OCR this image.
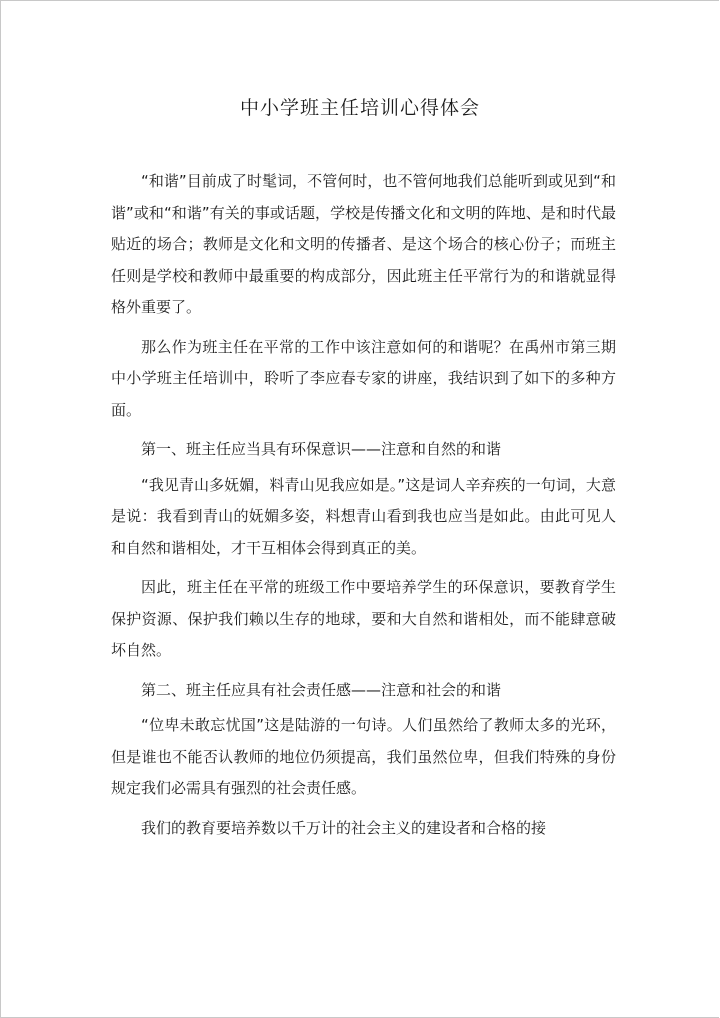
中小学班主任培训心得体会

“和谐”目前成了时髦词，不管何时，也不管何地我们总能听到或见到“和谐”或和“和谐”有关的事或话题，学校是传播文化和文明的阵地、是和时代最贴近的场合；教师是文化和文明的传播者、是这个场合的核心份子；而班主任则是学校和教师中最重要的构成部分，因此班主任平常行为的和谐就显得格外重要了。

那么作为班主任在平常的工作中该注意如何的和谐呢？在禹州市第三期中小学班主任培训中，聆听了李应春专家的讲座，我结识到了如下的多种方面。

第一、班主任应当具有环保意识——注意和自然的和谐

“我见青山多妩媚，料青山见我应如是。”这是词人辛弃疾的一句词，大意是说：我看到青山的妩媚多姿，料想青山看到我也应当是如此。由此可见人和自然和谐相处，才干互相体会得到真正的美。

因此，班主任在平常的班级工作中要培养学生的环保意识，要教育学生保护资源、保护我们赖以生存的地球，要和大自然和谐相处，而不能肆意破坏自然。

第二、班主任应具有社会责任感——注意和社会的和谐

“位卑未敢忘忧国”这是陆游的一句诗。人们虽然给了教师太多的光环，但是谁也不能否认教师的地位仍须提高，我们虽然位卑，但我们特殊的身份规定我们必需具有强烈的社会责任感。

我们的教育要培养数以千万计的社会主义的建设者和合格的接
